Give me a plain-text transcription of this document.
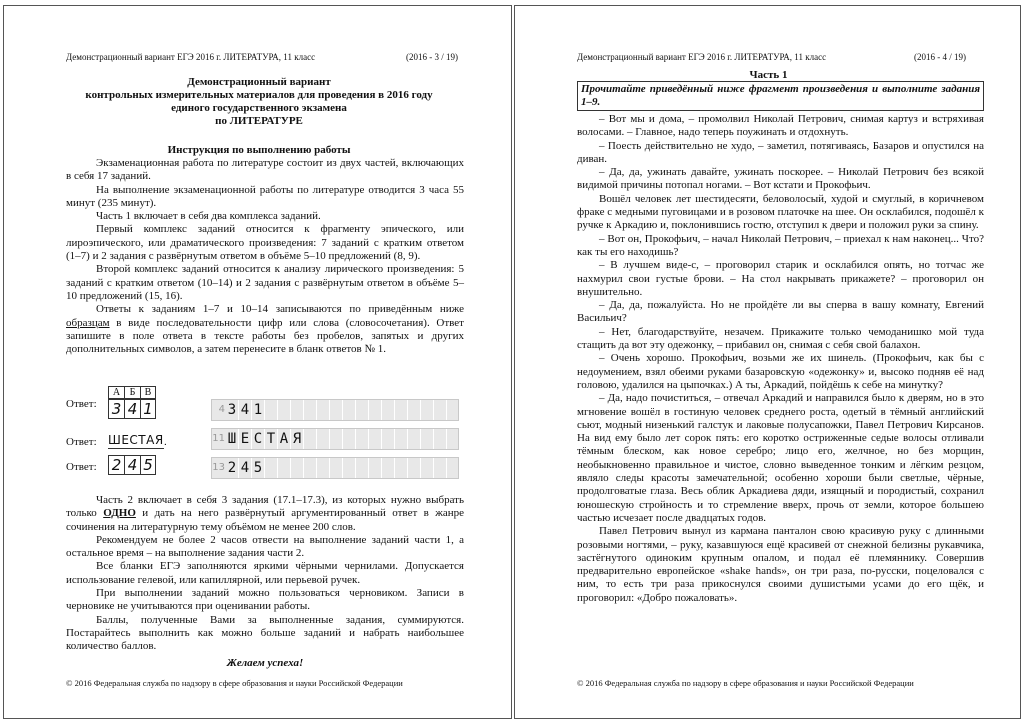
Демонстрационный вариант ЕГЭ 2016 г. ЛИТЕРАТУРА, 11 класс	(2016 - 3 / 19)
Демонстрационный вариант
контрольных измерительных материалов для проведения в 2016 году
единого государственного экзамена
по ЛИТЕРАТУРЕ
Инструкция по выполнению работы
Экзаменационная работа по литературе состоит из двух частей, включающих в себя 17 заданий.
На выполнение экзаменационной работы по литературе отводится 3 часа 55 минут (235 минут).
Часть 1 включает в себя два комплекса заданий.
Первый комплекс заданий относится к фрагменту эпического, или лироэпического, или драматического произведения: 7 заданий с кратким ответом (1–7) и 2 задания с развёрнутым ответом в объёме 5–10 предложений (8, 9).
Второй комплекс заданий относится к анализу лирического произведения: 5 заданий с кратким ответом (10–14) и 2 задания с развёрнутым ответом в объёме 5–10 предложений (15, 16).
Ответы к заданиям 1–7 и 10–14 записываются по приведённым ниже образцам в виде последовательности цифр или слова (словосочетания). Ответ запишите в поле ответа в тексте работы без пробелов, запятых и других дополнительных символов, а затем перенесите в бланк ответов № 1.
А Б В
Ответ: 3 4 1
Ответ: ШЕСТАЯ .
Ответ: 2 4 5
4 3 4 1
11 Ш Е С Т А Я
13 2 4 5
Часть 2 включает в себя 3 задания (17.1–17.3), из которых нужно выбрать только ОДНО и дать на него развёрнутый аргументированный ответ в жанре сочинения на литературную тему объёмом не менее 200 слов.
Рекомендуем не более 2 часов отвести на выполнение заданий части 1, а остальное время – на выполнение задания части 2.
Все бланки ЕГЭ заполняются яркими чёрными чернилами. Допускается использование гелевой, или капиллярной, или перьевой ручек.
При выполнении заданий можно пользоваться черновиком. Записи в черновике не учитываются при оценивании работы.
Баллы, полученные Вами за выполненные задания, суммируются. Постарайтесь выполнить как можно больше заданий и набрать наибольшее количество баллов.
Желаем успеха!
© 2016 Федеральная служба по надзору в сфере образования и науки Российской Федерации
Демонстрационный вариант ЕГЭ 2016 г. ЛИТЕРАТУРА, 11 класс	(2016 - 4 / 19)
Часть 1
Прочитайте приведённый ниже фрагмент произведения и выполните задания 1–9.
– Вот мы и дома, – промолвил Николай Петрович, снимая картуз и встряхивая волосами. – Главное, надо теперь поужинать и отдохнуть.
– Поесть действительно не худо, – заметил, потягиваясь, Базаров и опустился на диван.
– Да, да, ужинать давайте, ужинать поскорее. – Николай Петрович без всякой видимой причины потопал ногами. – Вот кстати и Прокофьич.
Вошёл человек лет шестидесяти, беловолосый, худой и смуглый, в коричневом фраке с медными пуговицами и в розовом платочке на шее. Он осклабился, подошёл к ручке к Аркадию и, поклонившись гостю, отступил к двери и положил руки за спину.
– Вот он, Прокофьич, – начал Николай Петрович, – приехал к нам наконец... Что? как ты его находишь?
– В лучшем виде-с, – проговорил старик и осклабился опять, но тотчас же нахмурил свои густые брови. – На стол накрывать прикажете? – проговорил он внушительно.
– Да, да, пожалуйста. Но не пройдёте ли вы сперва в вашу комнату, Евгений Васильич?
– Нет, благодарствуйте, незачем. Прикажите только чемоданишко мой туда стащить да вот эту одежонку, – прибавил он, снимая с себя свой балахон.
– Очень хорошо. Прокофьич, возьми же их шинель. (Прокофьич, как бы с недоумением, взял обеими руками базаровскую «одежонку» и, высоко подняв её над головою, удалился на цыпочках.) А ты, Аркадий, пойдёшь к себе на минутку?
– Да, надо почиститься, – отвечал Аркадий и направился было к дверям, но в это мгновение вошёл в гостиную человек среднего роста, одетый в тёмный английский сьют, модный низенький галстук и лаковые полусапожки, Павел Петрович Кирсанов. На вид ему было лет сорок пять: его коротко остриженные седые волосы отливали тёмным блеском, как новое серебро; лицо его, желчное, но без морщин, необыкновенно правильное и чистое, словно выведенное тонким и лёгким резцом, являло следы красоты замечательной; особенно хороши были светлые, чёрные, продолговатые глаза. Весь облик Аркадиева дяди, изящный и породистый, сохранил юношескую стройность и то стремление вверх, прочь от земли, которое большею частью исчезает после двадцатых годов.
Павел Петрович вынул из кармана панталон свою красивую руку с длинными розовыми ногтями, – руку, казавшуюся ещё красивей от снежной белизны рукавчика, застёгнутого одиноким крупным опалом, и подал её племяннику. Совершив предварительно европейское «shake hands», он три раза, по-русски, поцеловался с ним, то есть три раза прикоснулся своими душистыми усами до его щёк, и проговорил: «Добро пожаловать».
© 2016 Федеральная служба по надзору в сфере образования и науки Российской Федерации
